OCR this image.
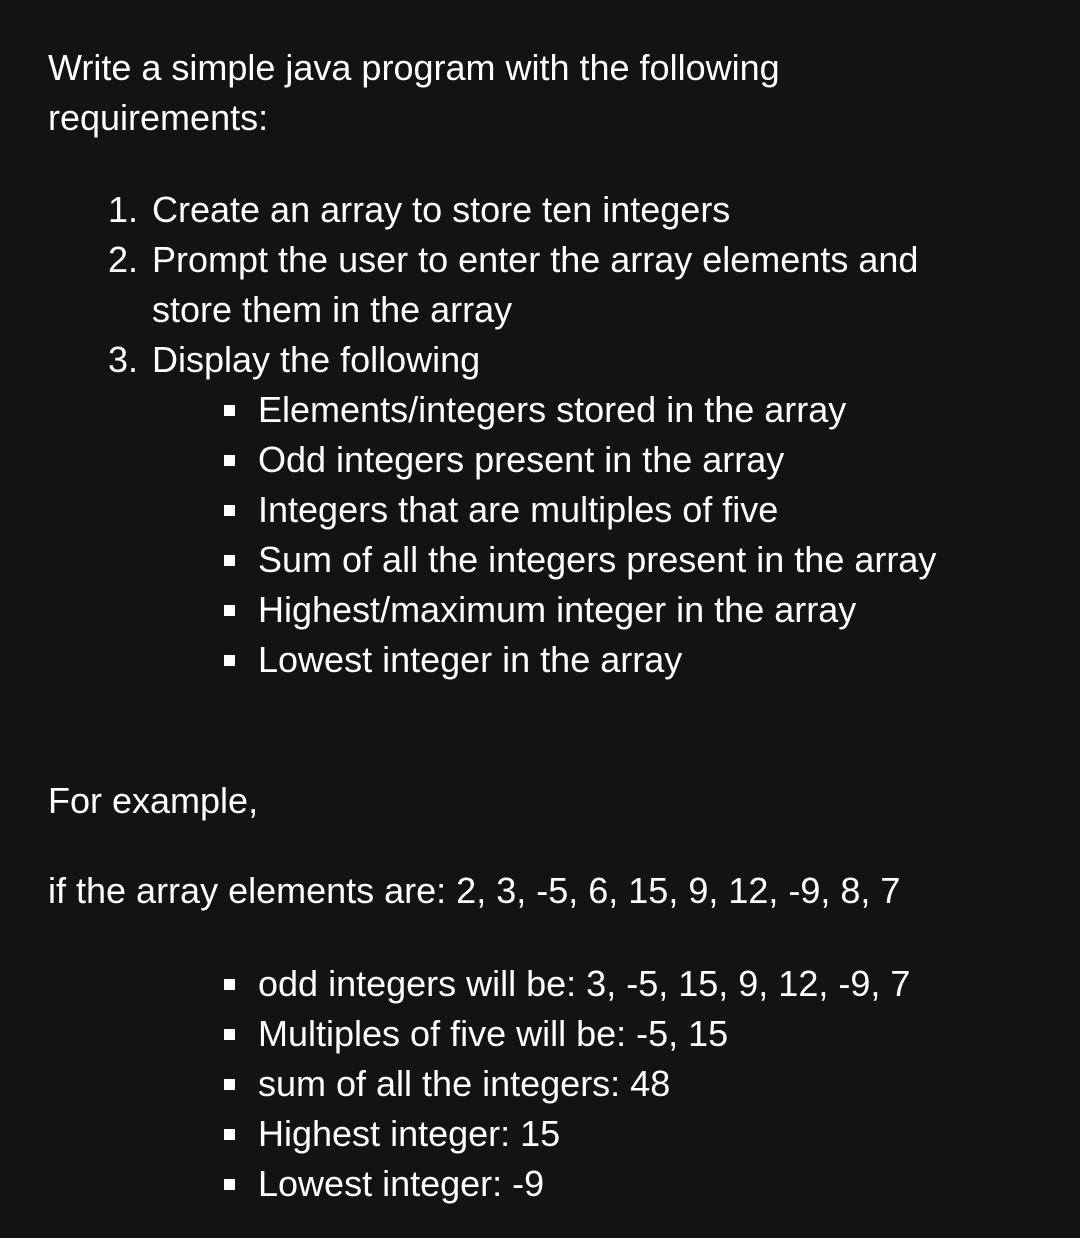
Write a simple java program with the following requirements:

1. Create an array to store ten integers
2. Prompt the user to enter the array elements and store them in the array
3. Display the following
Elements/integers stored in the array
Odd integers present in the array
Integers that are multiples of five
Sum of all the integers present in the array
Highest/maximum integer in the array
Lowest integer in the array

For example,

if the array elements are: 2, 3, -5, 6, 15, 9, 12, -9, 8, 7

odd integers will be: 3, -5, 15, 9, 12, -9, 7
Multiples of five will be: -5, 15
sum of all the integers: 48
Highest integer: 15
Lowest integer: -9
